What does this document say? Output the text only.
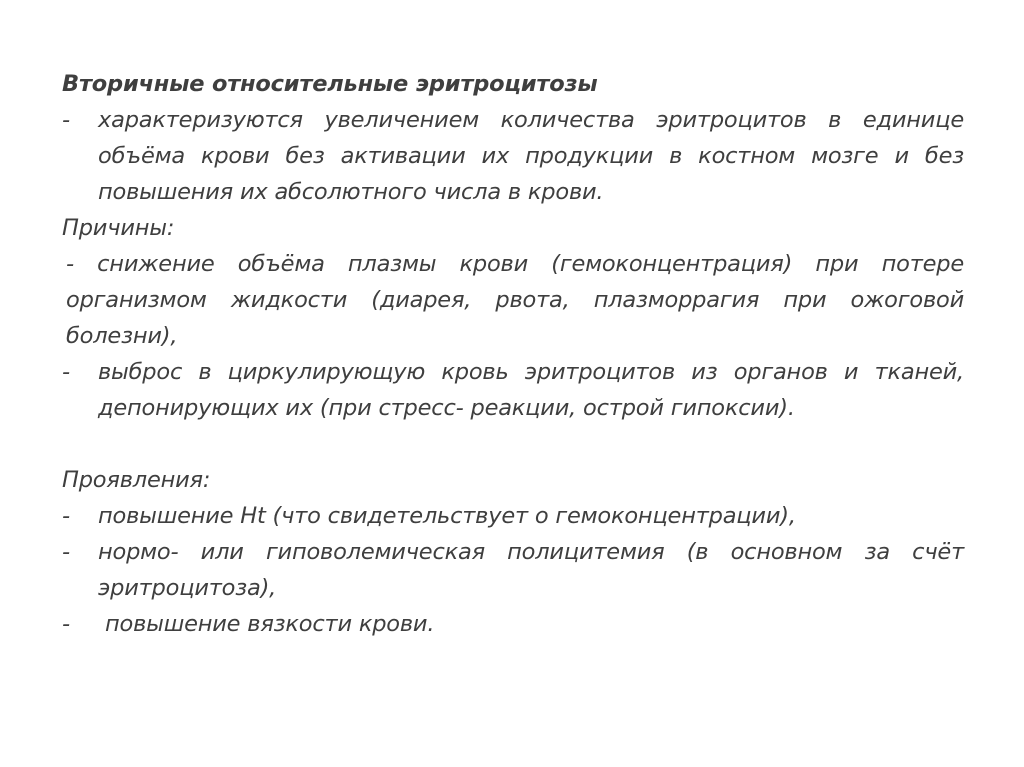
Вторичные относительные эритроцитозы

-	характеризуются увеличением количества эритроцитов в единице объёма крови без активации их продукции в костном мозге и без повышения их абсолютного числа в крови.

Причины:

- снижение объёма плазмы крови (гемоконцентрация) при потере организмом жидкости (диарея, рвота, плазморрагия при ожоговой болезни),

-	выброс в циркулирующую кровь эритроцитов из органов и тканей, депонирующих их (при стресс- реакции, острой гипоксии).

Проявления:

-	повышение Ht (что свидетельствует о гемоконцентрации),
-	нормо- или гиповолемическая полицитемия (в основном за счёт эритроцитоза),
-	повышение вязкости крови.
